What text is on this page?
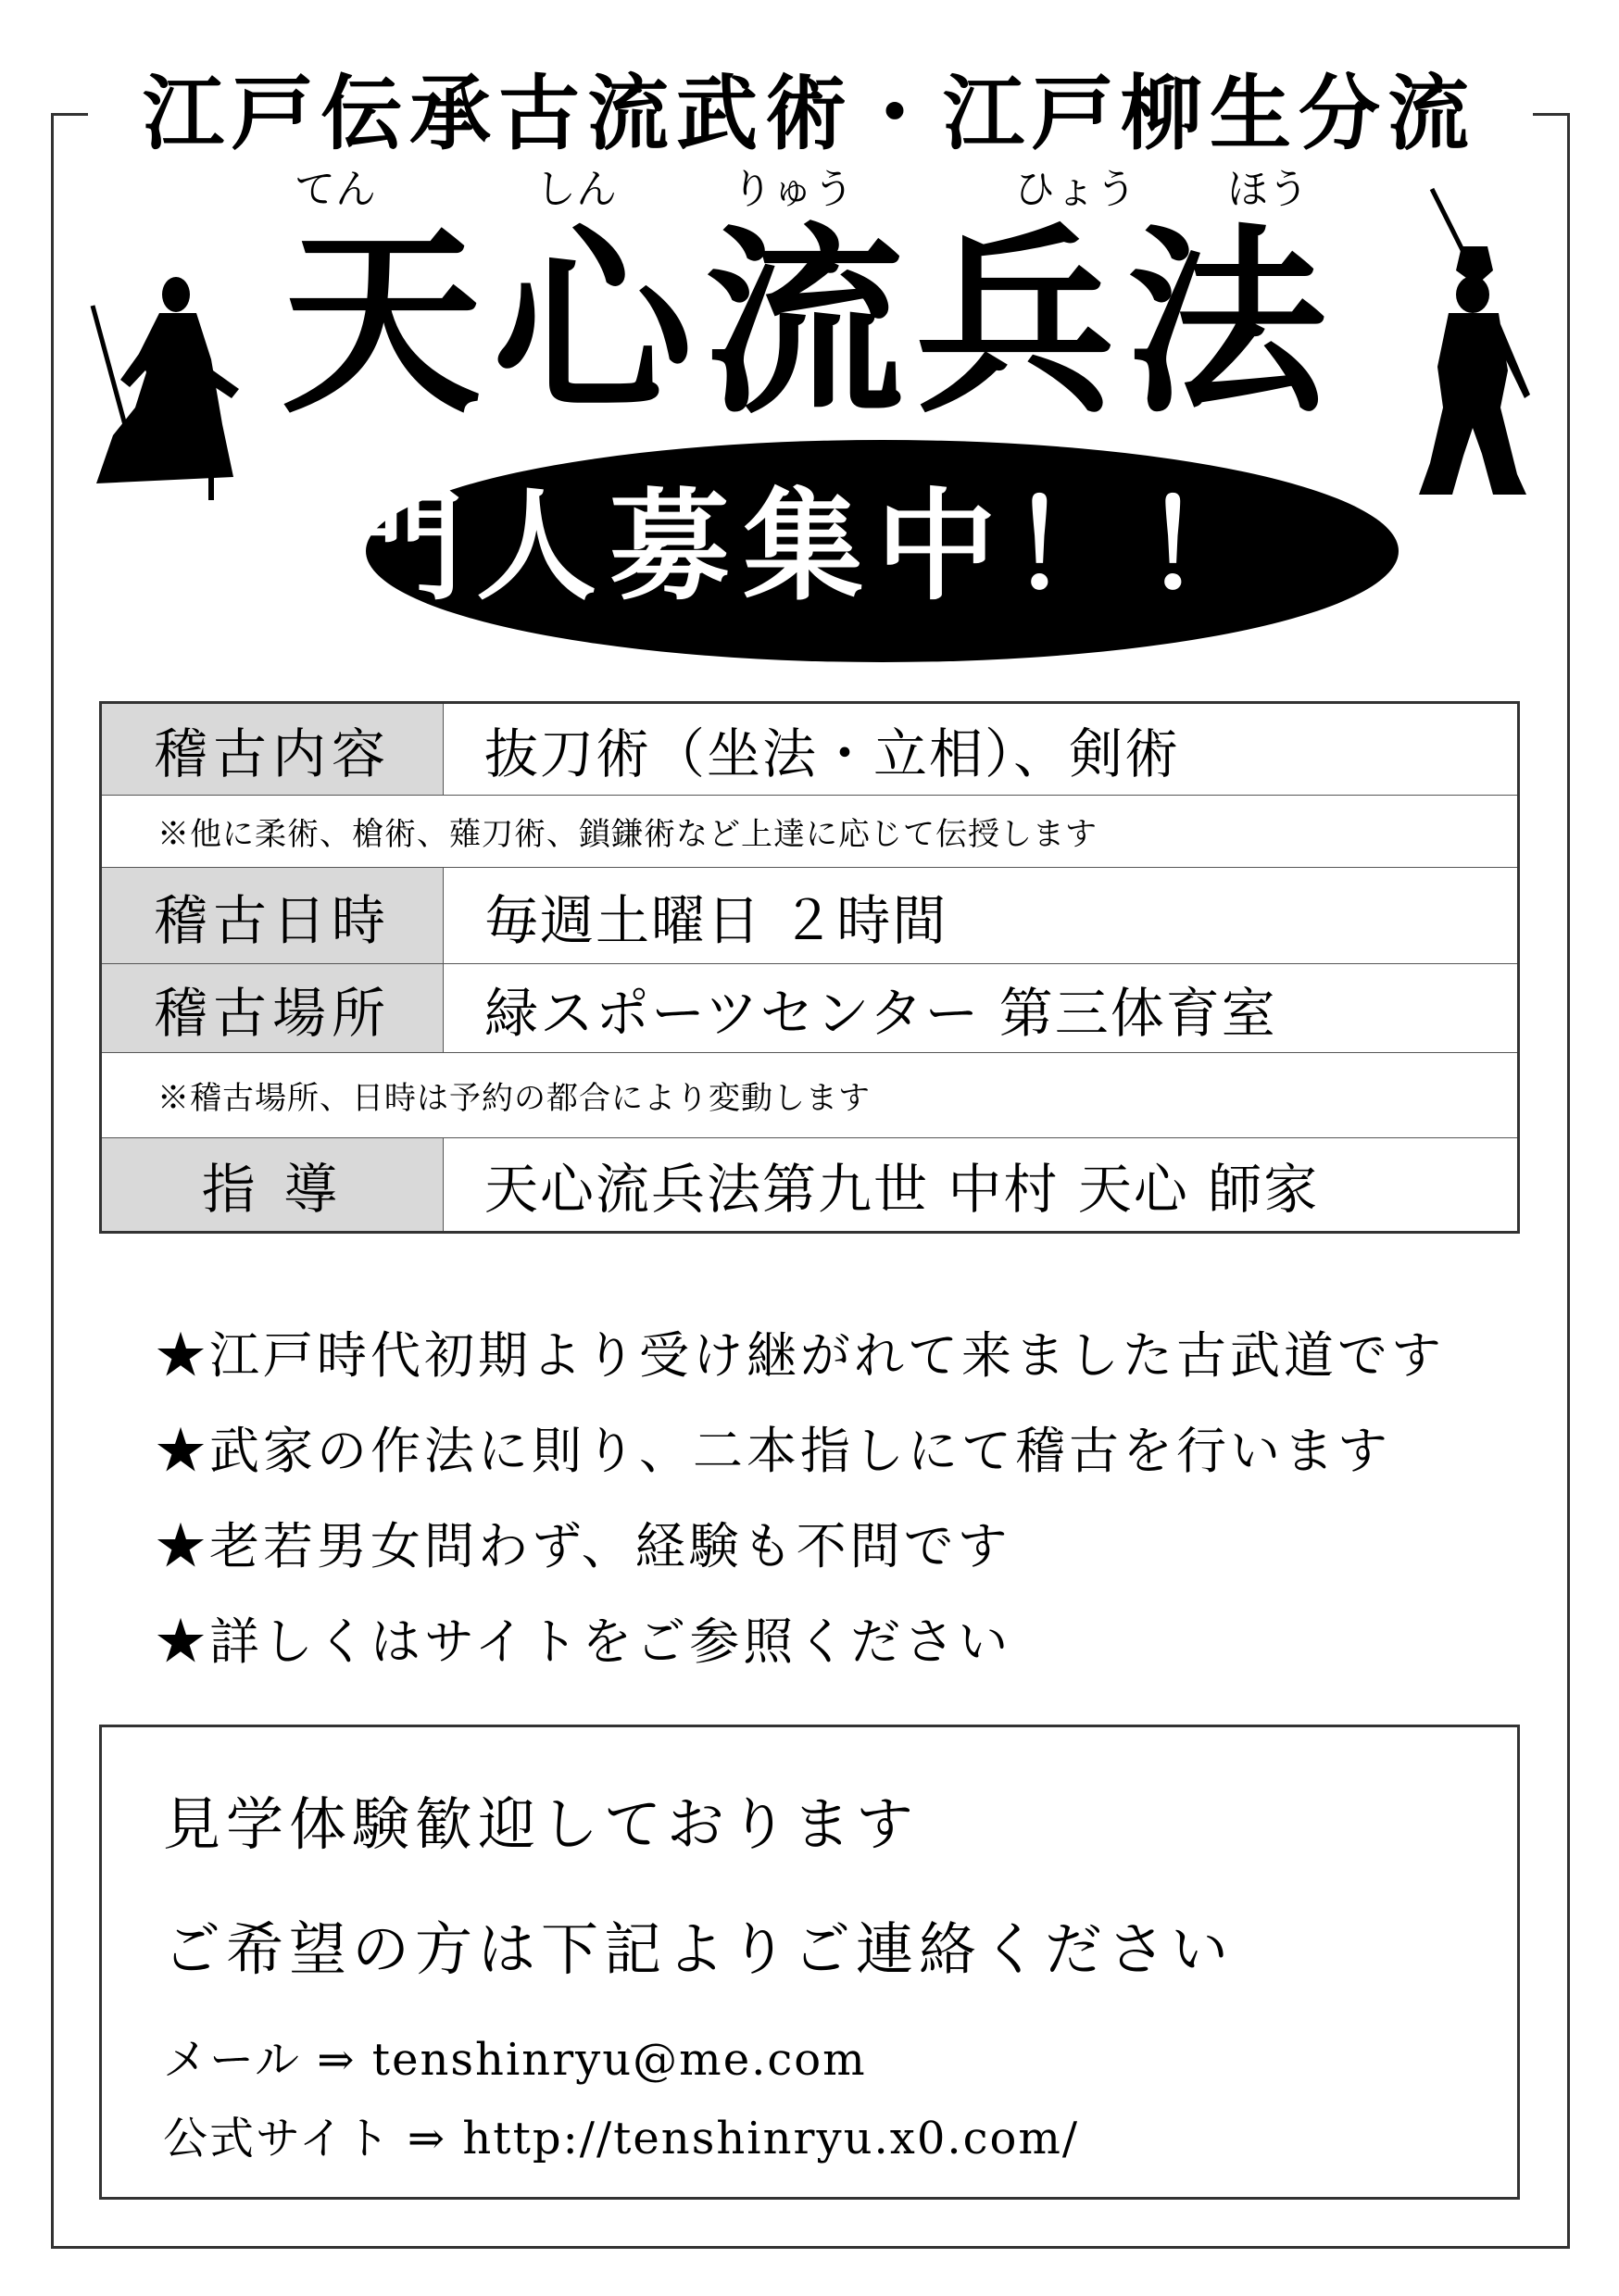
江戸伝承古流武術・江戸柳生分流
てん	しん	りゅう	ひょう ほう
天心流兵法
門人募集中！！
稽古内容	抜刀術（坐法・立相）、剣術
※他に柔術、槍術、薙刀術、鎖鎌術など上達に応じて伝授します	
稽古日時	毎週土曜日 ２時間
稽古場所	緑スポーツセンター 第三体育室
※稽古場所、日時は予約の都合により変動します	
指 導	天心流兵法第九世 中村 天心 師家
★江戸時代初期より受け継がれて来ました古武道です
★武家の作法に則り、二本指しにて稽古を行います
★老若男女問わず、経験も不問です
★詳しくはサイトをご参照ください
見学体験歓迎しております
ご希望の方は下記よりご連絡ください
メール ⇒ tenshinryu@me.com
公式サイト ⇒ http://tenshinryu.x0.com/
